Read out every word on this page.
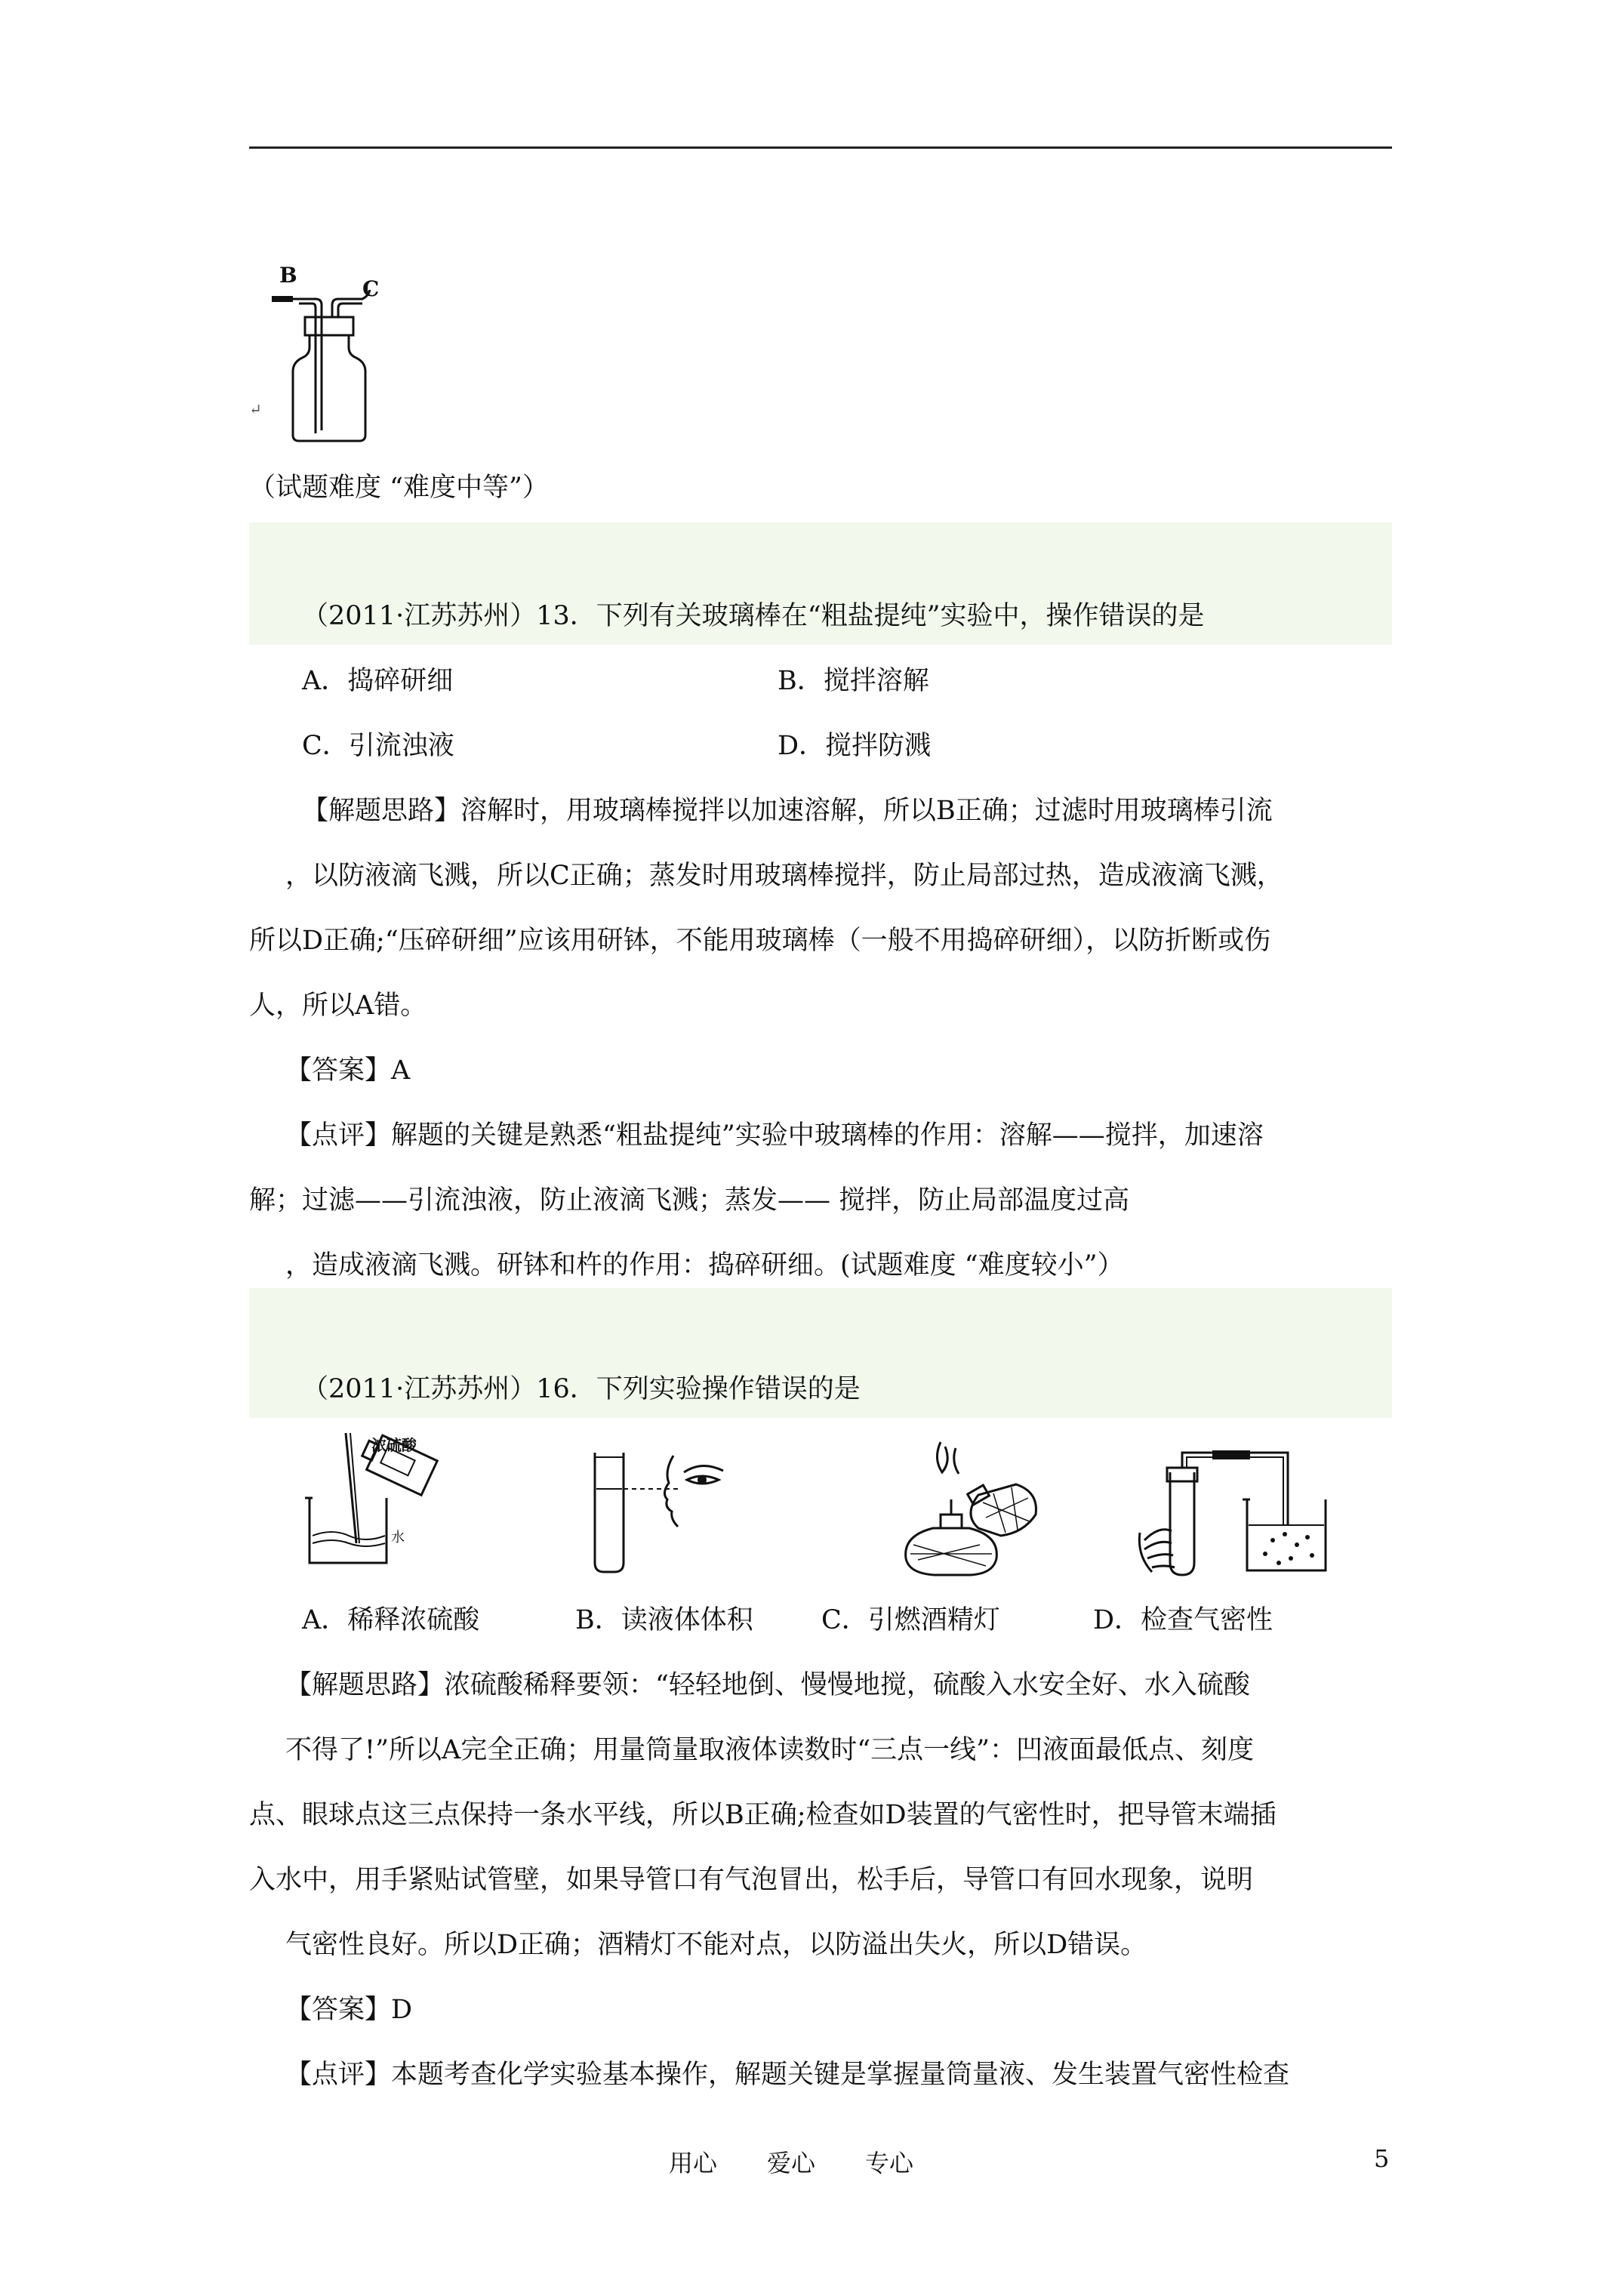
B
C
↵
（试题难度 “难度中等”）
（2011·江苏苏州）13．下列有关玻璃棒在“粗盐提纯”实验中，操作错误的是
A．捣碎研细	B．搅拌溶解
C．引流浊液	D．搅拌防溅
【解题思路】溶解时，用玻璃棒搅拌以加速溶解，所以B正确；过滤时用玻璃棒引流
，以防液滴飞溅，所以C正确；蒸发时用玻璃棒搅拌，防止局部过热，造成液滴飞溅，
所以D正确;“压碎研细”应该用研钵，不能用玻璃棒（一般不用捣碎研细），以防折断或伤
人，所以A错。
【答案】A
【点评】解题的关键是熟悉“粗盐提纯”实验中玻璃棒的作用：溶解——搅拌，加速溶
解；过滤——引流浊液，防止液滴飞溅；蒸发—— 搅拌，防止局部温度过高
，造成液滴飞溅。研钵和杵的作用：捣碎研细。(试题难度 “难度较小”）
（2011·江苏苏州）16．下列实验操作错误的是
浓硫酸
水
A．稀释浓硫酸	B．读液体体积	C．引燃酒精灯	D．检查气密性
【解题思路】浓硫酸稀释要领：“轻轻地倒、慢慢地搅，硫酸入水安全好、水入硫酸
不得了!”所以A完全正确；用量筒量取液体读数时“三点一线”：凹液面最低点、刻度
点、眼球点这三点保持一条水平线，所以B正确;检查如D装置的气密性时，把导管末端插
入水中，用手紧贴试管壁，如果导管口有气泡冒出，松手后，导管口有回水现象，说明
气密性良好。所以D正确；酒精灯不能对点，以防溢出失火，所以D错误。
【答案】D
【点评】本题考查化学实验基本操作，解题关键是掌握量筒量液、发生装置气密性检查
用心 爱心 专心	5
